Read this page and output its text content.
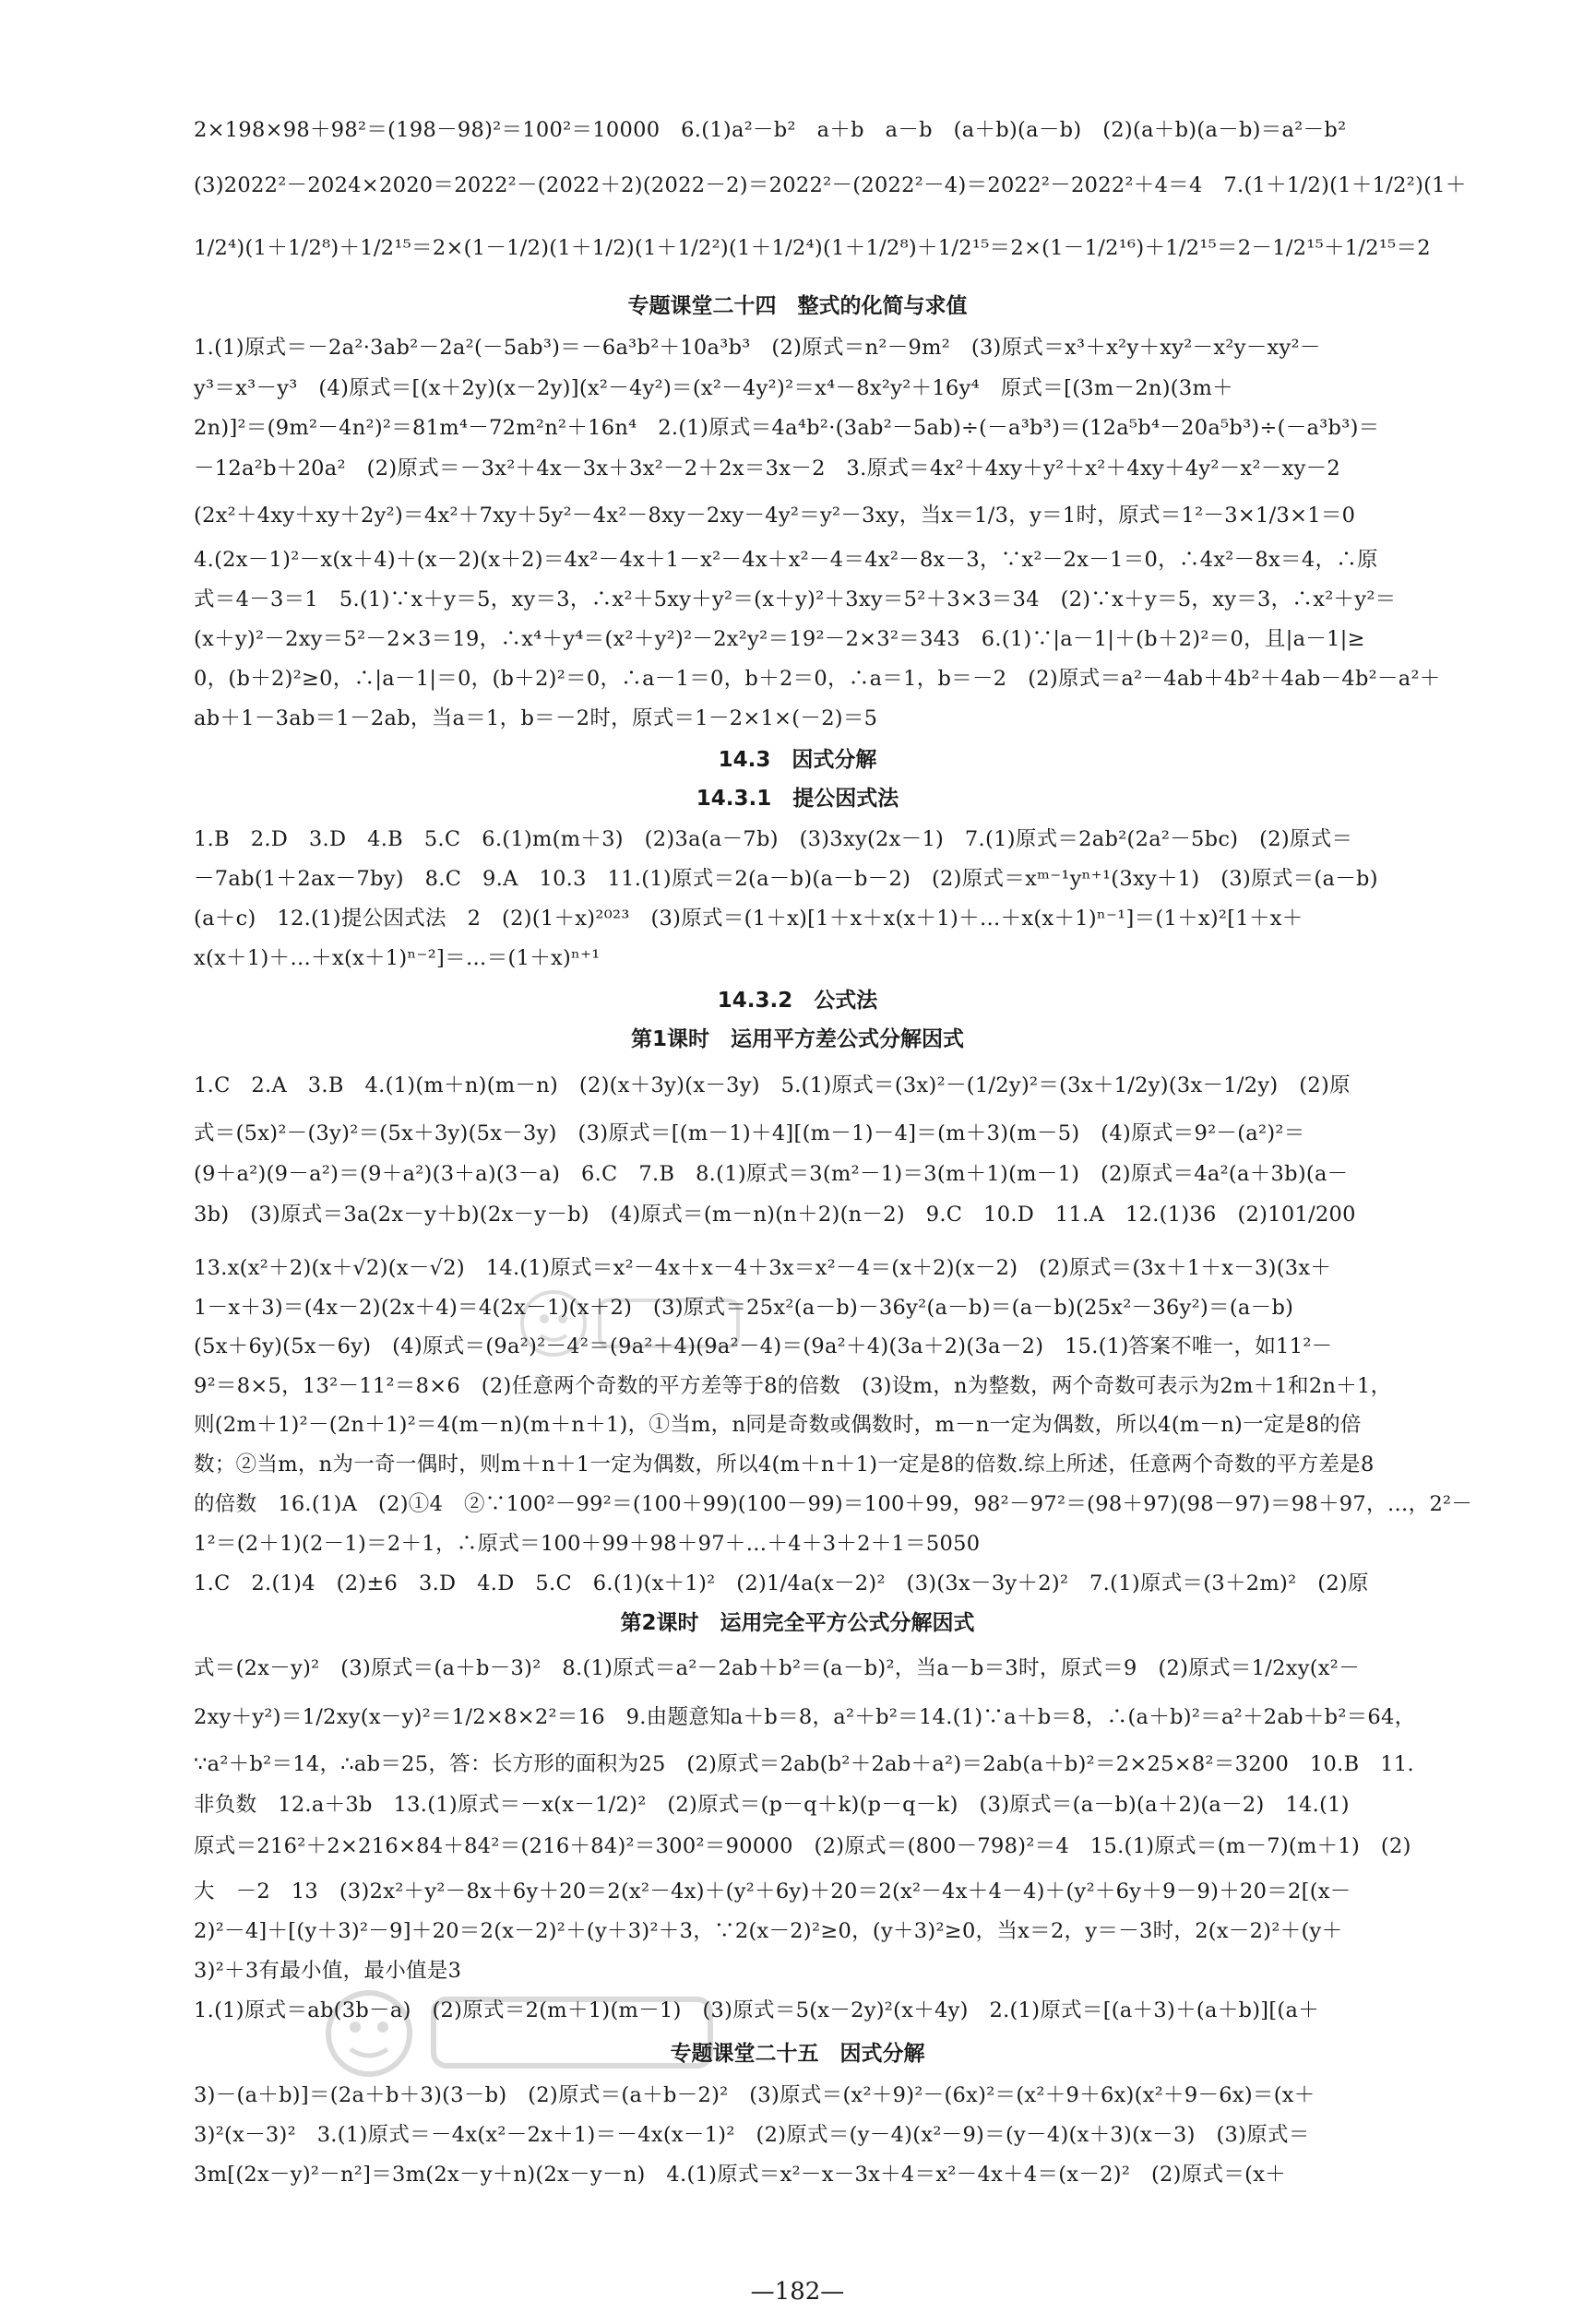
2×198×98＋98²＝(198－98)²＝100²＝10000　6.(1)a²－b²　a＋b　a－b　(a＋b)(a－b)　(2)(a＋b)(a－b)＝a²－b²
(3)2022²－2024×2020＝2022²－(2022＋2)(2022－2)＝2022²－(2022²－4)＝2022²－2022²＋4＝4　7.(1＋1/2)(1＋1/2²)(1＋
1/2⁴)(1＋1/2⁸)＋1/2¹⁵＝2×(1－1/2)(1＋1/2)(1＋1/2²)(1＋1/2⁴)(1＋1/2⁸)＋1/2¹⁵＝2×(1－1/2¹⁶)＋1/2¹⁵＝2－1/2¹⁵＋1/2¹⁵＝2
专题课堂二十四　整式的化简与求值
1.(1)原式＝－2a²·3ab²－2a²(－5ab³)＝－6a³b²＋10a³b³　(2)原式＝n²－9m²　(3)原式＝x³＋x²y＋xy²－x²y－xy²－
y³＝x³－y³　(4)原式＝[(x＋2y)(x－2y)](x²－4y²)＝(x²－4y²)²＝x⁴－8x²y²＋16y⁴　原式＝[(3m－2n)(3m＋
2n)]²＝(9m²－4n²)²＝81m⁴－72m²n²＋16n⁴　2.(1)原式＝4a⁴b²·(3ab²－5ab)÷(－a³b³)＝(12a⁵b⁴－20a⁵b³)÷(－a³b³)＝
－12a²b＋20a²　(2)原式＝－3x²＋4x－3x＋3x²－2＋2x＝3x－2　3.原式＝4x²＋4xy＋y²＋x²＋4xy＋4y²－x²－xy－2
(2x²＋4xy＋xy＋2y²)＝4x²＋7xy＋5y²－4x²－8xy－2xy－4y²＝y²－3xy，当x＝1/3，y＝1时，原式＝1²－3×1/3×1＝0
4.(2x－1)²－x(x＋4)＋(x－2)(x＋2)＝4x²－4x＋1－x²－4x＋x²－4＝4x²－8x－3，∵x²－2x－1＝0，∴4x²－8x＝4，∴原
式＝4－3＝1　5.(1)∵x＋y＝5，xy＝3，∴x²＋5xy＋y²＝(x＋y)²＋3xy＝5²＋3×3＝34　(2)∵x＋y＝5，xy＝3，∴x²＋y²＝
(x＋y)²－2xy＝5²－2×3＝19，∴x⁴＋y⁴＝(x²＋y²)²－2x²y²＝19²－2×3²＝343　6.(1)∵|a－1|＋(b＋2)²＝0，且|a－1|≥
0，(b＋2)²≥0，∴|a－1|＝0，(b＋2)²＝0，∴a－1＝0，b＋2＝0，∴a＝1，b＝－2　(2)原式＝a²－4ab＋4b²＋4ab－4b²－a²＋
ab＋1－3ab＝1－2ab，当a＝1，b＝－2时，原式＝1－2×1×(－2)＝5
14.3　因式分解
14.3.1　提公因式法
1.B　2.D　3.D　4.B　5.C　6.(1)m(m＋3)　(2)3a(a－7b)　(3)3xy(2x－1)　7.(1)原式＝2ab²(2a²－5bc)　(2)原式＝
－7ab(1＋2ax－7by)　8.C　9.A　10.3　11.(1)原式＝2(a－b)(a－b－2)　(2)原式＝xᵐ⁻¹yⁿ⁺¹(3xy＋1)　(3)原式＝(a－b)
(a＋c)　12.(1)提公因式法　2　(2)(1＋x)²⁰²³　(3)原式＝(1＋x)[1＋x＋x(x＋1)＋…＋x(x＋1)ⁿ⁻¹]＝(1＋x)²[1＋x＋
x(x＋1)＋…＋x(x＋1)ⁿ⁻²]＝…＝(1＋x)ⁿ⁺¹
14.3.2　公式法
第1课时　运用平方差公式分解因式
1.C　2.A　3.B　4.(1)(m＋n)(m－n)　(2)(x＋3y)(x－3y)　5.(1)原式＝(3x)²－(1/2y)²＝(3x＋1/2y)(3x－1/2y)　(2)原
式＝(5x)²－(3y)²＝(5x＋3y)(5x－3y)　(3)原式＝[(m－1)＋4][(m－1)－4]＝(m＋3)(m－5)　(4)原式＝9²－(a²)²＝
(9＋a²)(9－a²)＝(9＋a²)(3＋a)(3－a)　6.C　7.B　8.(1)原式＝3(m²－1)＝3(m＋1)(m－1)　(2)原式＝4a²(a＋3b)(a－
3b)　(3)原式＝3a(2x－y＋b)(2x－y－b)　(4)原式＝(m－n)(n＋2)(n－2)　9.C　10.D　11.A　12.(1)36　(2)101/200
13.x(x²＋2)(x＋√2)(x－√2)　14.(1)原式＝x²－4x＋x－4＋3x＝x²－4＝(x＋2)(x－2)　(2)原式＝(3x＋1＋x－3)(3x＋
1－x＋3)＝(4x－2)(2x＋4)＝4(2x－1)(x＋2)　(3)原式＝25x²(a－b)－36y²(a－b)＝(a－b)(25x²－36y²)＝(a－b)
(5x＋6y)(5x－6y)　(4)原式＝(9a²)²－4²＝(9a²＋4)(9a²－4)＝(9a²＋4)(3a＋2)(3a－2)　15.(1)答案不唯一，如11²－
9²＝8×5，13²－11²＝8×6　(2)任意两个奇数的平方差等于8的倍数　(3)设m，n为整数，两个奇数可表示为2m＋1和2n＋1，
则(2m＋1)²－(2n＋1)²＝4(m－n)(m＋n＋1)，①当m，n同是奇数或偶数时，m－n一定为偶数，所以4(m－n)一定是8的倍
数；②当m，n为一奇一偶时，则m＋n＋1一定为偶数，所以4(m＋n＋1)一定是8的倍数.综上所述，任意两个奇数的平方差是8
的倍数　16.(1)A　(2)①4　②∵100²－99²＝(100＋99)(100－99)＝100＋99，98²－97²＝(98＋97)(98－97)＝98＋97，…，2²－
1²＝(2＋1)(2－1)＝2＋1，∴原式＝100＋99＋98＋97＋…＋4＋3＋2＋1＝5050
1.C　2.(1)4　(2)±6　3.D　4.D　5.C　6.(1)(x＋1)²　(2)1/4a(x－2)²　(3)(3x－3y＋2)²　7.(1)原式＝(3＋2m)²　(2)原
第2课时　运用完全平方公式分解因式
式＝(2x－y)²　(3)原式＝(a＋b－3)²　8.(1)原式＝a²－2ab＋b²＝(a－b)²，当a－b＝3时，原式＝9　(2)原式＝1/2xy(x²－
2xy＋y²)＝1/2xy(x－y)²＝1/2×8×2²＝16　9.由题意知a＋b＝8，a²＋b²＝14.(1)∵a＋b＝8，∴(a＋b)²＝a²＋2ab＋b²＝64，
∵a²＋b²＝14，∴ab＝25，答：长方形的面积为25　(2)原式＝2ab(b²＋2ab＋a²)＝2ab(a＋b)²＝2×25×8²＝3200　10.B　11.
非负数　12.a＋3b　13.(1)原式＝－x(x－1/2)²　(2)原式＝(p－q＋k)(p－q－k)　(3)原式＝(a－b)(a＋2)(a－2)　14.(1)
原式＝216²＋2×216×84＋84²＝(216＋84)²＝300²＝90000　(2)原式＝(800－798)²＝4　15.(1)原式＝(m－7)(m＋1)　(2)
大　－2　13　(3)2x²＋y²－8x＋6y＋20＝2(x²－4x)＋(y²＋6y)＋20＝2(x²－4x＋4－4)＋(y²＋6y＋9－9)＋20＝2[(x－
2)²－4]＋[(y＋3)²－9]＋20＝2(x－2)²＋(y＋3)²＋3，∵2(x－2)²≥0，(y＋3)²≥0，当x＝2，y＝－3时，2(x－2)²＋(y＋
3)²＋3有最小值，最小值是3
1.(1)原式＝ab(3b－a)　(2)原式＝2(m＋1)(m－1)　(3)原式＝5(x－2y)²(x＋4y)　2.(1)原式＝[(a＋3)＋(a＋b)][(a＋
专题课堂二十五　因式分解
3)－(a＋b)]＝(2a＋b＋3)(3－b)　(2)原式＝(a＋b－2)²　(3)原式＝(x²＋9)²－(6x)²＝(x²＋9＋6x)(x²＋9－6x)＝(x＋
3)²(x－3)²　3.(1)原式＝－4x(x²－2x＋1)＝－4x(x－1)²　(2)原式＝(y－4)(x²－9)＝(y－4)(x＋3)(x－3)　(3)原式＝
3m[(2x－y)²－n²]＝3m(2x－y＋n)(2x－y－n)　4.(1)原式＝x²－x－3x＋4＝x²－4x＋4＝(x－2)²　(2)原式＝(x＋
—182—
